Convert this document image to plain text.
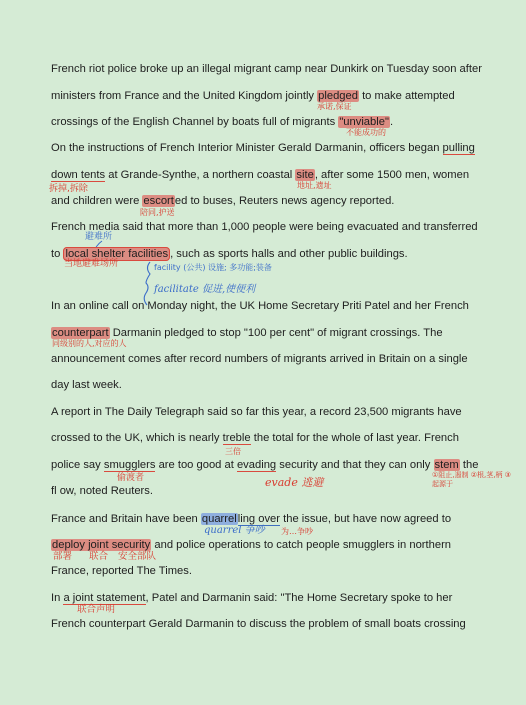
French riot police broke up an illegal migrant camp near Dunkirk on Tuesday soon after
ministers from France and the United Kingdom jointly pledged to make attempted
crossings of the English Channel by boats full of migrants "unviable".
On the instructions of French Interior Minister Gerald Darmanin, officers began pulling
down tents at Grande-Synthe, a northern coastal site, after some 1500 men, women
and children were escorted to buses, Reuters news agency reported.
French media said that more than 1,000 people were being evacuated and transferred
to local shelter facilities , such as sports halls and other public buildings.
In an online call on Monday night, the UK Home Secretary Priti Patel and her French
counterpart Darmanin pledged to stop "100 per cent" of migrant crossings. The
announcement comes after record numbers of migrants arrived in Britain on a single
day last week.
A report in The Daily Telegraph said so far this year, a record 23,500 migrants have
crossed to the UK, which is nearly treble the total for the whole of last year. French
police say smugglers are too good at evading security and that they can only stem the
fl ow, noted Reuters.
France and Britain have been quarrelling over the issue, but have now agreed to
deploy joint security and police operations to catch people smugglers in northern
France, reported The Times.
In a joint statement, Patel and Darmanin said: "The Home Secretary spoke to her
French counterpart Gerald Darmanin to discuss the problem of small boats crossing
承诺,保证
不能成功的
地址,遗址
拆掉,拆除
陪同,护送
避难所
当地避难场所	facility (公共) 设施; 多功能;装备
facilitate 促进,使便利
同级别的人,对应的人
三倍
偷渡者	evade 逃避
①阻止,遏制 ②根,茎,柄 ③起源于
quarrel 争吵 为…争吵
部署 联合 安全部队
联合声明
